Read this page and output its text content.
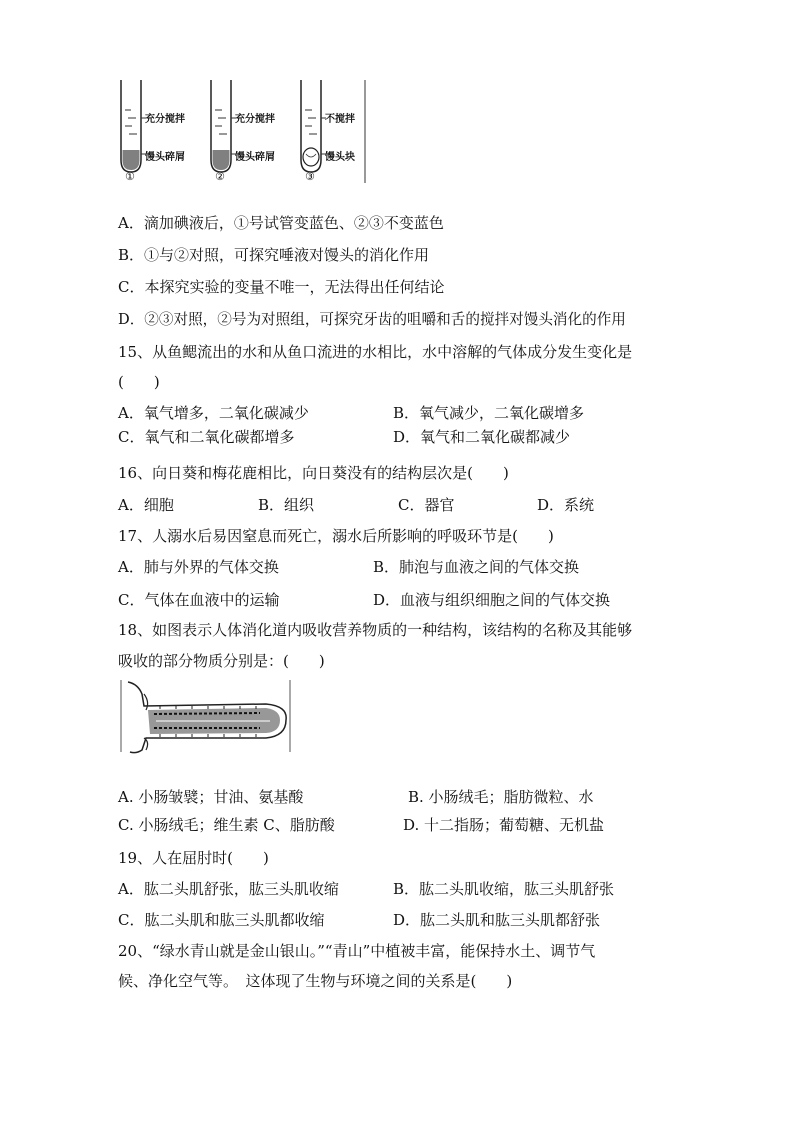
充分搅拌
馒头碎屑
①
充分搅拌
馒头碎屑
②
不搅拌
馒头块
③
A．滴加碘液后，①号试管变蓝色、②③不变蓝色
B．①与②对照，可探究唾液对馒头的消化作用
C．本探究实验的变量不唯一，无法得出任何结论
D．②③对照，②号为对照组，可探究牙齿的咀嚼和舌的搅拌对馒头消化的作用
15、从鱼鳃流出的水和从鱼口流进的水相比，水中溶解的气体成分发生变化是
(　　)
A．氧气增多，二氧化碳减少	B．氧气减少，二氧化碳增多
C．氧气和二氧化碳都增多	D．氧气和二氧化碳都减少
16、向日葵和梅花鹿相比，向日葵没有的结构层次是(　　)
A．细胞	B．组织	C．器官	D．系统
17、人溺水后易因窒息而死亡，溺水后所影响的呼吸环节是(　　)
A．肺与外界的气体交换	B．肺泡与血液之间的气体交换
C．气体在血液中的运输	D．血液与组织细胞之间的气体交换
18、如图表示人体消化道内吸收营养物质的一种结构，该结构的名称及其能够
吸收的部分物质分别是：(　　)
A. 小肠皱襞；甘油、氨基酸	B. 小肠绒毛；脂肪微粒、水
C. 小肠绒毛；维生素 C、脂肪酸	D. 十二指肠；葡萄糖、无机盐
19、人在屈肘时(　　)
A．肱二头肌舒张，肱三头肌收缩	B．肱二头肌收缩，肱三头肌舒张
C．肱二头肌和肱三头肌都收缩	D．肱二头肌和肱三头肌都舒张
20、“绿水青山就是金山银山。”“青山”中植被丰富，能保持水土、调节气
候、净化空气等。　这体现了生物与环境之间的关系是(　　)
